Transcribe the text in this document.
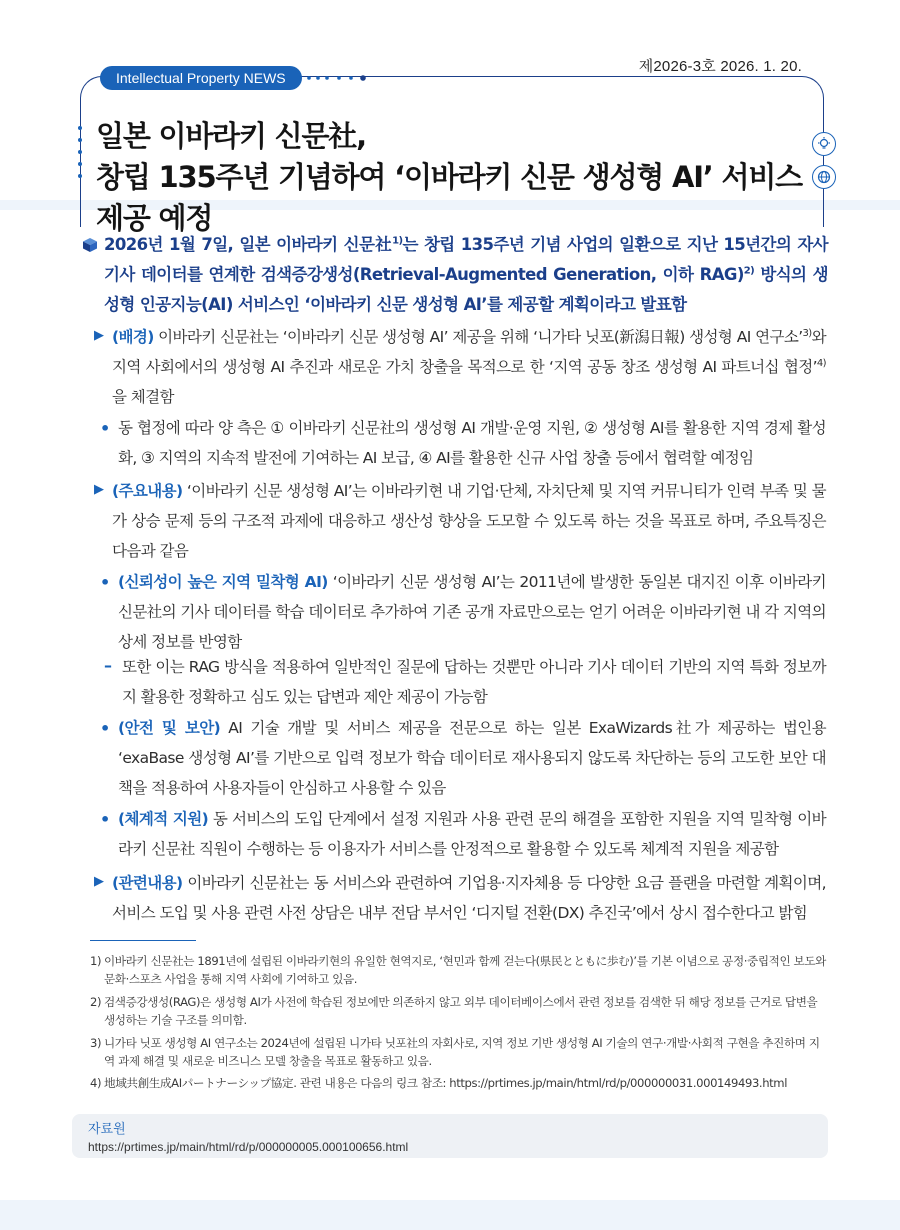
Intellectual Property NEWS
제2026-3호 2026. 1. 20.
일본 이바라키 신문社,
창립 135주년 기념하여 ‘이바라키 신문 생성형 AI’ 서비스 제공 예정
2026년 1월 7일, 일본 이바라키 신문社$^{1)}$는 창립 135주년 기념 사업의 일환으로 지난 15년간의 자사 기사 데이터를 연계한 검색증강생성(Retrieval-Augmented Generation, 이하 RAG)$^{2)}$ 방식의 생성형 인공지능(AI) 서비스인 ‘이바라키 신문 생성형 AI’를 제공할 계획이라고 발표함
▶ (배경) 이바라키 신문社는 ‘이바라키 신문 생성형 AI’ 제공을 위해 ‘니가타 닛포(新潟日報) 생성형 AI 연구소’$^{3)}$와 지역 사회에서의 생성형 AI 추진과 새로운 가치 창출을 목적으로 한 ‘지역 공동 창조 생성형 AI 파트너십 협정’$^{4)}$을 체결함
• 동 협정에 따라 양 측은 ① 이바라키 신문社의 생성형 AI 개발·운영 지원, ② 생성형 AI를 활용한 지역 경제 활성화, ③ 지역의 지속적 발전에 기여하는 AI 보급, ④ AI를 활용한 신규 사업 창출 등에서 협력할 예정임
▶ (주요내용) ‘이바라키 신문 생성형 AI’는 이바라키현 내 기업·단체, 자치단체 및 지역 커뮤니티가 인력 부족 및 물가 상승 문제 등의 구조적 과제에 대응하고 생산성 향상을 도모할 수 있도록 하는 것을 목표로 하며, 주요특징은 다음과 같음
• (신뢰성이 높은 지역 밀착형 AI) ‘이바라키 신문 생성형 AI’는 2011년에 발생한 동일본 대지진 이후 이바라키 신문社의 기사 데이터를 학습 데이터로 추가하여 기존 공개 자료만으로는 얻기 어려운 이바라키현 내 각 지역의 상세 정보를 반영함
– 또한 이는 RAG 방식을 적용하여 일반적인 질문에 답하는 것뿐만 아니라 기사 데이터 기반의 지역 특화 정보까지 활용한 정확하고 심도 있는 답변과 제안 제공이 가능함
• (안전 및 보안) AI 기술 개발 및 서비스 제공을 전문으로 하는 일본 ExaWizards社가 제공하는 법인용 ‘exaBase 생성형 AI’를 기반으로 입력 정보가 학습 데이터로 재사용되지 않도록 차단하는 등의 고도한 보안 대책을 적용하여 사용자들이 안심하고 사용할 수 있음
• (체계적 지원) 동 서비스의 도입 단계에서 설정 지원과 사용 관련 문의 해결을 포함한 지원을 지역 밀착형 이바라키 신문社 직원이 수행하는 등 이용자가 서비스를 안정적으로 활용할 수 있도록 체계적 지원을 제공함
▶ (관련내용) 이바라키 신문社는 동 서비스와 관련하여 기업용·지자체용 등 다양한 요금 플랜을 마련할 계획이며, 서비스 도입 및 사용 관련 사전 상담은 내부 전담 부서인 ‘디지털 전환(DX) 추진국’에서 상시 접수한다고 밝힘
1) 이바라키 신문社는 1891년에 설립된 이바라키현의 유일한 현역지로, ‘현민과 함께 걷는다(県民とともに歩む)’를 기본 이념으로 공정·중립적인 보도와 문화·스포츠 사업을 통해 지역 사회에 기여하고 있음.
2) 검색증강생성(RAG)은 생성형 AI가 사전에 학습된 정보에만 의존하지 않고 외부 데이터베이스에서 관련 정보를 검색한 뒤 해당 정보를 근거로 답변을 생성하는 기술 구조를 의미함.
3) 니가타 닛포 생성형 AI 연구소는 2024년에 설립된 니가타 닛포社의 자회사로, 지역 정보 기반 생성형 AI 기술의 연구·개발·사회적 구현을 추진하며 지역 과제 해결 및 새로운 비즈니스 모델 창출을 목표로 활동하고 있음.
4) 地域共創生成AIパートナーシップ協定. 관련 내용은 다음의 링크 참조: https://prtimes.jp/main/html/rd/p/000000031.000149493.html
자료원
https://prtimes.jp/main/html/rd/p/000000005.000100656.html
